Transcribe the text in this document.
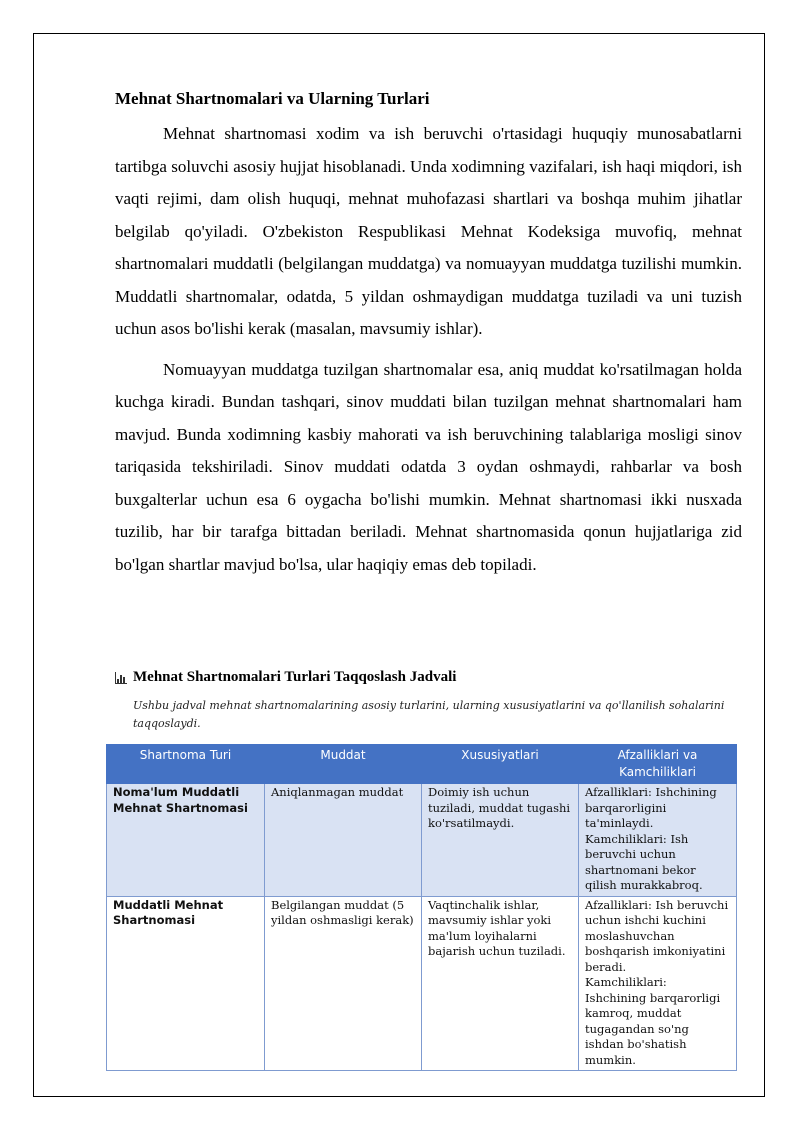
Mehnat Shartnomalari va Ularning Turlari

Mehnat shartnomasi xodim va ish beruvchi o'rtasidagi huquqiy munosabatlarni tartibga soluvchi asosiy hujjat hisoblanadi. Unda xodimning vazifalari, ish haqi miqdori, ish vaqti rejimi, dam olish huquqi, mehnat muhofazasi shartlari va boshqa muhim jihatlar belgilab qo'yiladi. O'zbekiston Respublikasi Mehnat Kodeksiga muvofiq, mehnat shartnomalari muddatli (belgilangan muddatga) va nomuayyan muddatga tuzilishi mumkin. Muddatli shartnomalar, odatda, 5 yildan oshmaydigan muddatga tuziladi va uni tuzish uchun asos bo'lishi kerak (masalan, mavsumiy ishlar).

Nomuayyan muddatga tuzilgan shartnomalar esa, aniq muddat ko'rsatilmagan holda kuchga kiradi. Bundan tashqari, sinov muddati bilan tuzilgan mehnat shartnomalari ham mavjud. Bunda xodimning kasbiy mahorati va ish beruvchining talablariga mosligi sinov tariqasida tekshiriladi. Sinov muddati odatda 3 oydan oshmaydi, rahbarlar va bosh buxgalterlar uchun esa 6 oygacha bo'lishi mumkin. Mehnat shartnomasi ikki nusxada tuzilib, har bir tarafga bittadan beriladi. Mehnat shartnomasida qonun hujjatlariga zid bo'lgan shartlar mavjud bo'lsa, ular haqiqiy emas deb topiladi.

Mehnat Shartnomalari Turlari Taqqoslash Jadvali
Ushbu jadval mehnat shartnomalarining asosiy turlarini, ularning xususiyatlarini va qo'llanilish sohalarini taqqoslaydi.
Shartnoma Turi	Muddat	Xususiyatlari	Afzalliklari va Kamchiliklari
Noma'lum Muddatli Mehnat Shartnomasi	Aniqlanmagan muddat	Doimiy ish uchun tuziladi, muddat tugashi ko'rsatilmaydi.	Afzalliklari: Ishchining barqarorligini ta'minlaydi.
Kamchiliklari: Ish beruvchi uchun shartnomani bekor qilish murakkabroq.

Muddatli Mehnat Shartnomasi	Belgilangan muddat (5 yildan oshmasligi kerak)	Vaqtinchalik ishlar, mavsumiy ishlar yoki ma'lum loyihalarni bajarish uchun tuziladi.	Afzalliklari: Ish beruvchi uchun ishchi kuchini moslashuvchan boshqarish imkoniyatini beradi.
Kamchiliklari: Ishchining barqarorligi kamroq, muddat tugagandan so'ng ishdan bo'shatish mumkin.
